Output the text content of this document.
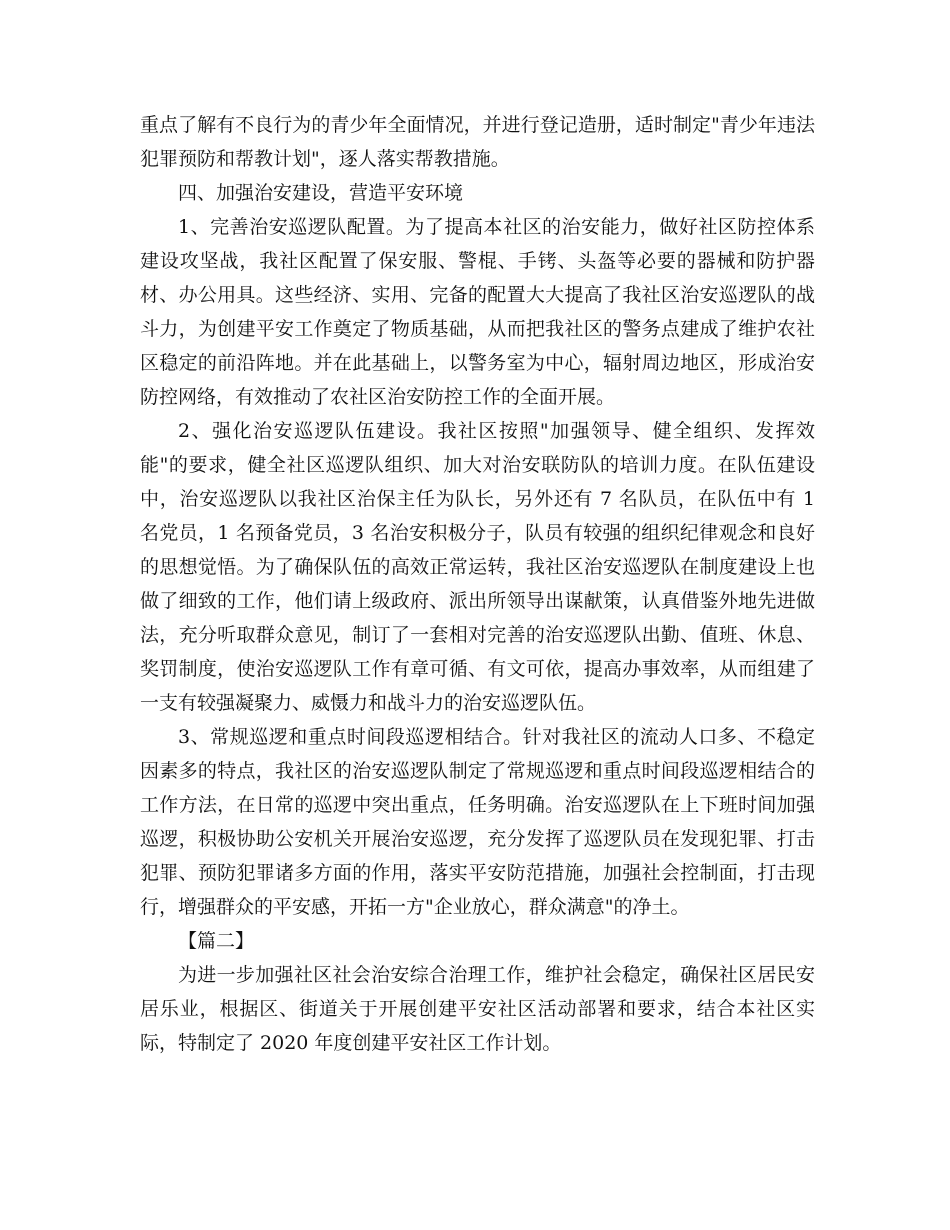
重点了解有不良行为的青少年全面情况，并进行登记造册，适时制定"青少年违法犯罪预防和帮教计划"，逐人落实帮教措施。

四、加强治安建设，营造平安环境

1、完善治安巡逻队配置。为了提高本社区的治安能力，做好社区防控体系建设攻坚战，我社区配置了保安服、警棍、手铐、头盔等必要的器械和防护器材、办公用具。这些经济、实用、完备的配置大大提高了我社区治安巡逻队的战斗力，为创建平安工作奠定了物质基础，从而把我社区的警务点建成了维护农社区稳定的前沿阵地。并在此基础上，以警务室为中心，辐射周边地区，形成治安防控网络，有效推动了农社区治安防控工作的全面开展。

2、强化治安巡逻队伍建设。我社区按照"加强领导、健全组织、发挥效能"的要求，健全社区巡逻队组织、加大对治安联防队的培训力度。在队伍建设中，治安巡逻队以我社区治保主任为队长，另外还有 7 名队员，在队伍中有 1 名党员，1 名预备党员，3 名治安积极分子，队员有较强的组织纪律观念和良好的思想觉悟。为了确保队伍的高效正常运转，我社区治安巡逻队在制度建设上也做了细致的工作，他们请上级政府、派出所领导出谋献策，认真借鉴外地先进做法，充分听取群众意见，制订了一套相对完善的治安巡逻队出勤、值班、休息、奖罚制度，使治安巡逻队工作有章可循、有文可依，提高办事效率，从而组建了一支有较强凝聚力、威慑力和战斗力的治安巡逻队伍。

3、常规巡逻和重点时间段巡逻相结合。针对我社区的流动人口多、不稳定因素多的特点，我社区的治安巡逻队制定了常规巡逻和重点时间段巡逻相结合的工作方法，在日常的巡逻中突出重点，任务明确。治安巡逻队在上下班时间加强巡逻，积极协助公安机关开展治安巡逻，充分发挥了巡逻队员在发现犯罪、打击犯罪、预防犯罪诸多方面的作用，落实平安防范措施，加强社会控制面，打击现行，增强群众的平安感，开拓一方"企业放心，群众满意"的净土。

【篇二】

为进一步加强社区社会治安综合治理工作，维护社会稳定，确保社区居民安居乐业，根据区、街道关于开展创建平安社区活动部署和要求，结合本社区实际，特制定了 2020 年度创建平安社区工作计划。
